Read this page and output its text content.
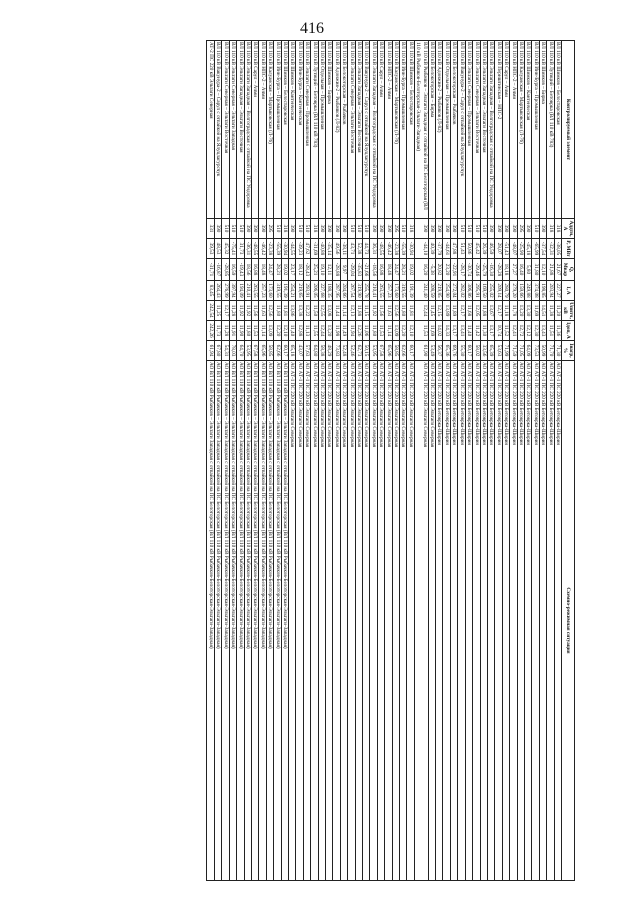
416
Контролируемый элемент	Аддтн, A	P, МВт	Q, Мвар	I, A	Uпитч, кВ	Iдоп, A	Iнагр, %	Схемно-режимная ситуация
ВЛ 110 кВ Шимков – Белостаровская	318	-38,05	21,67	227,27	11,20	11,36	71,30	АО АТ-1 ПС 220 кВ Бетоврка-Ширин
ВЛ 110 кВ Лутиций – Бетоврка (ВЛ 110 кВ 783)	318	-32,31	21,88	203,94	11,38	11,51	71,70	АО АТ-1 ПС 220 кВ Бетоврка-Ширин
ВЛ 110 кВ Шимков – Бирма	390	-37,54	12,10	198,85	14,51	13,43	50,99	АО АТ-1 ПС 220 кВ Бетоврка-Ширин
ВЛ 110 кВ Инн-Бурга – Промышленная	510	-65,99	31,80	374,08	11,69	12,30	73,53	АО АТ-1 ПС 220 кВ Бетоврка-Ширин
ВЛ 110 кВ Шимков – Кантенческая	390	-45,18	5,80	249,88	13,30	12,12	64,09	АО АТ-1 ПС 220 кВ Бетоврка-Ширин
ВЛ 110 кВ Калуанская – Мартыковская (Л-76)	295	-25,90	16,40	159,66	13,20	12,72	71,05	АО АТ-1 ПС 220 кВ Бетоврка-Ширин
ВЛ 110 кВ НПС-2 – Ачми	390	-48,07	27,27	279,20	11,78	12,41	71,59	АО АТ-1 ПС 220 кВ Бетоврка-Ширин
ВЛ 110 кВ Сарул – Ачми	390	-51,43	18,18	280,79	11,18	11,52	71,99	АО АТ-1 ПС 220 кВ Бетоврка-Ширин
ВЛ 110 кВ Пернштинская – НПС-2	390	28,07	-28,28	209,14	12,17	10,74	53,63	АО АТ-1 ПС 220 кВ Бетоврка-Ширин
ВЛ 110 кВ Эльтаги Западная – Волгоградская с отпайкой на ПС Ундоровка	390	46,59	-16,30	255,02	13,67	13,17	65,39	АО АТ-1 ПС 220 кВ Бетоврка-Ширин
ВЛ 110 кВ Эльтаги Западная – Эльтаги Восточная	510	26,39	-25,79	169,50	11,88	11,30	33,56	АО АТ-1 ПС 220 кВ Бетоврка-Ширин
ВЛ 110 кВ Эльтаги Северная – Эльтаги Восточная	510	45,42	-29,46	295,91	12,05	11,42	58,02	АО АТ-1 ПС 220 кВ Бетоврка-Ширин
ВЛ 110 кВ Эльтаги Северная – Промышленная	510	50,86	-30,74	306,86	11,68	11,40	60,17	АО АТ-1 ПС 220 кВ Бетоврка-Ширин
ВЛ 110 кВ Вакунура-2 – Сарул с отпайкой на Ялуцлагурсчук	510	51,43	-28,17	282,02	12,17	13,41	55,30	АО АТ-1 ПС 220 кВ Бетоврка-Ширин
ВЛ 110 кВ Белокоторская – Рыбачков	390	47,88	-22,91	272,04	11,89	13,17	69,76	АО АТ-1 ПС 220 кВ Бетоврка-Ширин
ВЛ 110 кВ Отдельная – Промышленная	390	-44,61	23,20	254,90	13,89	14,33	65,36	АО АТ-1 ПС 220 кВ Бетоврка-Ширин
ВЛ 110 кВ Адонжия-2 – Рыбачков (Л-82)	390	-37,79	20,82	219,85	12,15	14,02	56,37	АО АТ-1 ПС 220 кВ Бетоврка-Ширин
ВЛ 110 кВ Белокоторская – Бирма	390	40,39	-5,38	208,59	11,45	11,69	53,49	АО АТ-1 ПС 220 кВ Эльтаги Северная
ВЛ 110 кВ Рыбачков – Эльтаги Западная с отпайкой на ПС Белоторская (ВЛ 110 кВ Рыбачков-Белоторская-Эльтаги-Западная)	390	-44,10	16,20	241,40	12,44	11,53	61,90	АО АТ-1 ПС 220 кВ Эльтаги Северная
ВЛ 110 кВ Шимков – Белостаровская	318	-30,94	19,02	191,39	11,81	12,10	60,17	АО АТ-1 ПС 220 кВ Эльтаги Северная
ВЛ 110 кВ Инн-Бурга – Промышленная	510	-55,39	28,21	319,55	11,80	12,20	62,66	АО АТ-1 ПС 220 кВ Эльтаги Северная
ВЛ 110 кВ Калуанская – Мартыковская (Л-76)	295	-23,38	24,47	173,60	12,56	13,09	58,85	АО АТ-1 ПС 220 кВ Эльтаги Северная
ВЛ 110 кВ НПС-2 – Ачми	390	-46,42	18,48	257,23	11,63	11,14	65,96	АО АТ-1 ПС 220 кВ Эльтаги Северная
ВЛ 110 кВ Сарул – Ачми	390	-48,55	16,88	263,55	11,56	11,53	67,58	АО АТ-1 ПС 220 кВ Эльтаги Северная
ВЛ 110 кВ Эльтаги Западная – Волгоградская с отпайкой на ПС Ундоровка	390	36,31	-18,56	210,41	11,92	11,80	53,95	АО АТ-1 ПС 220 кВ Эльтаги Северная
ВЛ 110 кВ Вакунура-2 – Сарул с отпайкой на Ялуцлагурсчук	510	44,73	-21,66	255,78	11,15	11,06	50,15	АО АТ-1 ПС 220 кВ Эльтаги Северная
ВЛ 110 кВ Эльтаги Западная – Эльтаги Восточная	510	52,38	-35,83	319,90	11,88	12,26	62,73	АО АТ-1 ПС 220 кВ Эльтаги Северная
ВЛ 110 кВ Эльтаги Северная – Эльтаги Восточная	510	43,71	-29,04	267,54	12,13	11,94	52,46	АО АТ-1 ПС 220 кВ Эльтаги Северная
ВЛ 110 кВ Белокоторская – Рыбачков	390	-38,11	9,97	204,66	11,14	11,49	52,48	АО АТ-1 ПС 220 кВ Эльтаги Северная
ВЛ 110 кВ Адонжия-2 – Рыбачков (Л-82)	390	49,56	-28,88	287,95	11,44	11,98	73,83	АО АТ-1 ПС 220 кВ Эльтаги Северная
ВЛ 110 кВ Шимков – Бирма	390	-35,14	12,11	188,35	13,08	13,20	48,29	АО АТ-1 ПС 220 кВ Эльтаги Северная
ВЛ 110 кВ Отдельная – Промышленная	390	-40,88	19,10	227,68	12,55	12,44	58,38	АО АТ-1 ПС 220 кВ Эльтаги Северная
ВЛ 110 кВ Лутиций – Бетоврка (ВЛ 110 кВ 783)	318	-31,69	25,21	206,05	11,50	11,55	64,80	АО АТ-1 ПС 220 кВ Эльтаги Северная
ВЛ 110 кВ Эльтаги Северная – Промышленная	510	47,62	-28,43	293,91	12,22	11,13	57,63	АО АТ-1 ПС 220 кВ Эльтаги Северная
ВЛ 110 кВ Инн-Бурга – Кантенческая	510	-39,23	18,12	219,65	13,38	12,88	43,07	АО АТ-1 ПС 220 кВ Эльтаги Северная
ВЛ 110 кВ Шимков – Кантенческая	390	-44,55	23,17	254,21	13,86	11,40	65,18	АО АТ-1 ПС 220 кВ Эльтаги Северная
ВЛ 110 кВ Шимков – Белостаровская	318	-30,94	19,02	191,39	11,81	12,10	60,17	АО ВЛ 110 кВ Рыбачков – Эльтаги Западная с отпайкой на ПС Белоторская (ВЛ 110 кВ Рыбачков-Белоторская-Эльтаги-Западная)
ВЛ 110 кВ Инн-Бурга – Промышленная	510	-55,39	28,21	319,55	11,80	12,20	62,66	АО ВЛ 110 кВ Рыбачков – Эльтаги Западная с отпайкой на ПС Белоторская (ВЛ 110 кВ Рыбачков-Белоторская-Эльтаги-Западная)
ВЛ 110 кВ Калуанская – Мартыковская (Л-76)	295	-23,38	24,47	173,60	12,56	13,09	58,85	АО ВЛ 110 кВ Рыбачков – Эльтаги Западная с отпайкой на ПС Белоторская (ВЛ 110 кВ Рыбачков-Белоторская-Эльтаги-Западная)
ВЛ 110 кВ НПС-2 – Ачми	390	-46,42	18,48	257,23	11,63	11,14	65,96	АО ВЛ 110 кВ Рыбачков – Эльтаги Западная с отпайкой на ПС Белоторская (ВЛ 110 кВ Рыбачков-Белоторская-Эльтаги-Западная)
ВЛ 110 кВ Сарул – Ачми	390	-48,55	16,88	263,55	11,56	11,53	67,58	АО ВЛ 110 кВ Рыбачков – Эльтаги Западная с отпайкой на ПС Белоторская (ВЛ 110 кВ Рыбачков-Белоторская-Эльтаги-Западная)
ВЛ 110 кВ Эльтаги Западная – Волгоградская с отпайкой на ПС Ундоровка	390	-36,31	18,56	210,41	11,92	11,80	53,95	АО ВЛ 110 кВ Рыбачков – Эльтаги Западная с отпайкой на ПС Белоторская (ВЛ 110 кВ Рыбачков-Белоторская-Эльтаги-Западная)
ВЛ 110 кВ Эльтаги Западная – Эльтаги Восточная	510	31,73	-19,43	194,09	11,92	11,90	64,70	АО ВЛ 110 кВ Рыбачков – Эльтаги Западная с отпайкой на ПС Белоторская (ВЛ 110 кВ Рыбачков-Белоторская-Эльтаги-Западная)
ВЛ 110 кВ Эльтаги Северная – Эльтаги Западная	510	-75,41	16,59	397,94	11,28	11,91	78,03	АО ВЛ 110 кВ Рыбачков – Эльтаги Западная с отпайкой на ПС Белоторская (ВЛ 110 кВ Рыбачков-Белоторская-Эльтаги-Западная)
ВЛ 110 кВ Эльтаги Северная – Эльтаги Восточная	510	45,32	-28,85	276,99	12,17	11,28	54,31	АО ВЛ 110 кВ Рыбачков – Эльтаги Западная с отпайкой на ПС Белоторская (ВЛ 110 кВ Рыбачков-Белоторская-Эльтаги-Западная)
ВЛ 110 кВ Вакунура-2 – Сарул с отпайкой на Ялуцлагурсчук	390	48,53	-16,87	264,43	11,25	11,73	67,80	АО ВЛ 110 кВ Рыбачков – Эльтаги Западная с отпайкой на ПС Белоторская (ВЛ 110 кВ Рыбачков-Белоторская-Эльтаги-Западная)
АТ-2 ПС 220 кВ Эльтаги Северная	331	39,53	-31,71	83,45	242,54	242,26	61,94	АО ВЛ 110 кВ Рыбачков – Эльтаги Западная с отпайкой на ПС Белоторская (ВЛ 110 кВ Рыбачков-Белоторская-Эльтаги-Западная)
